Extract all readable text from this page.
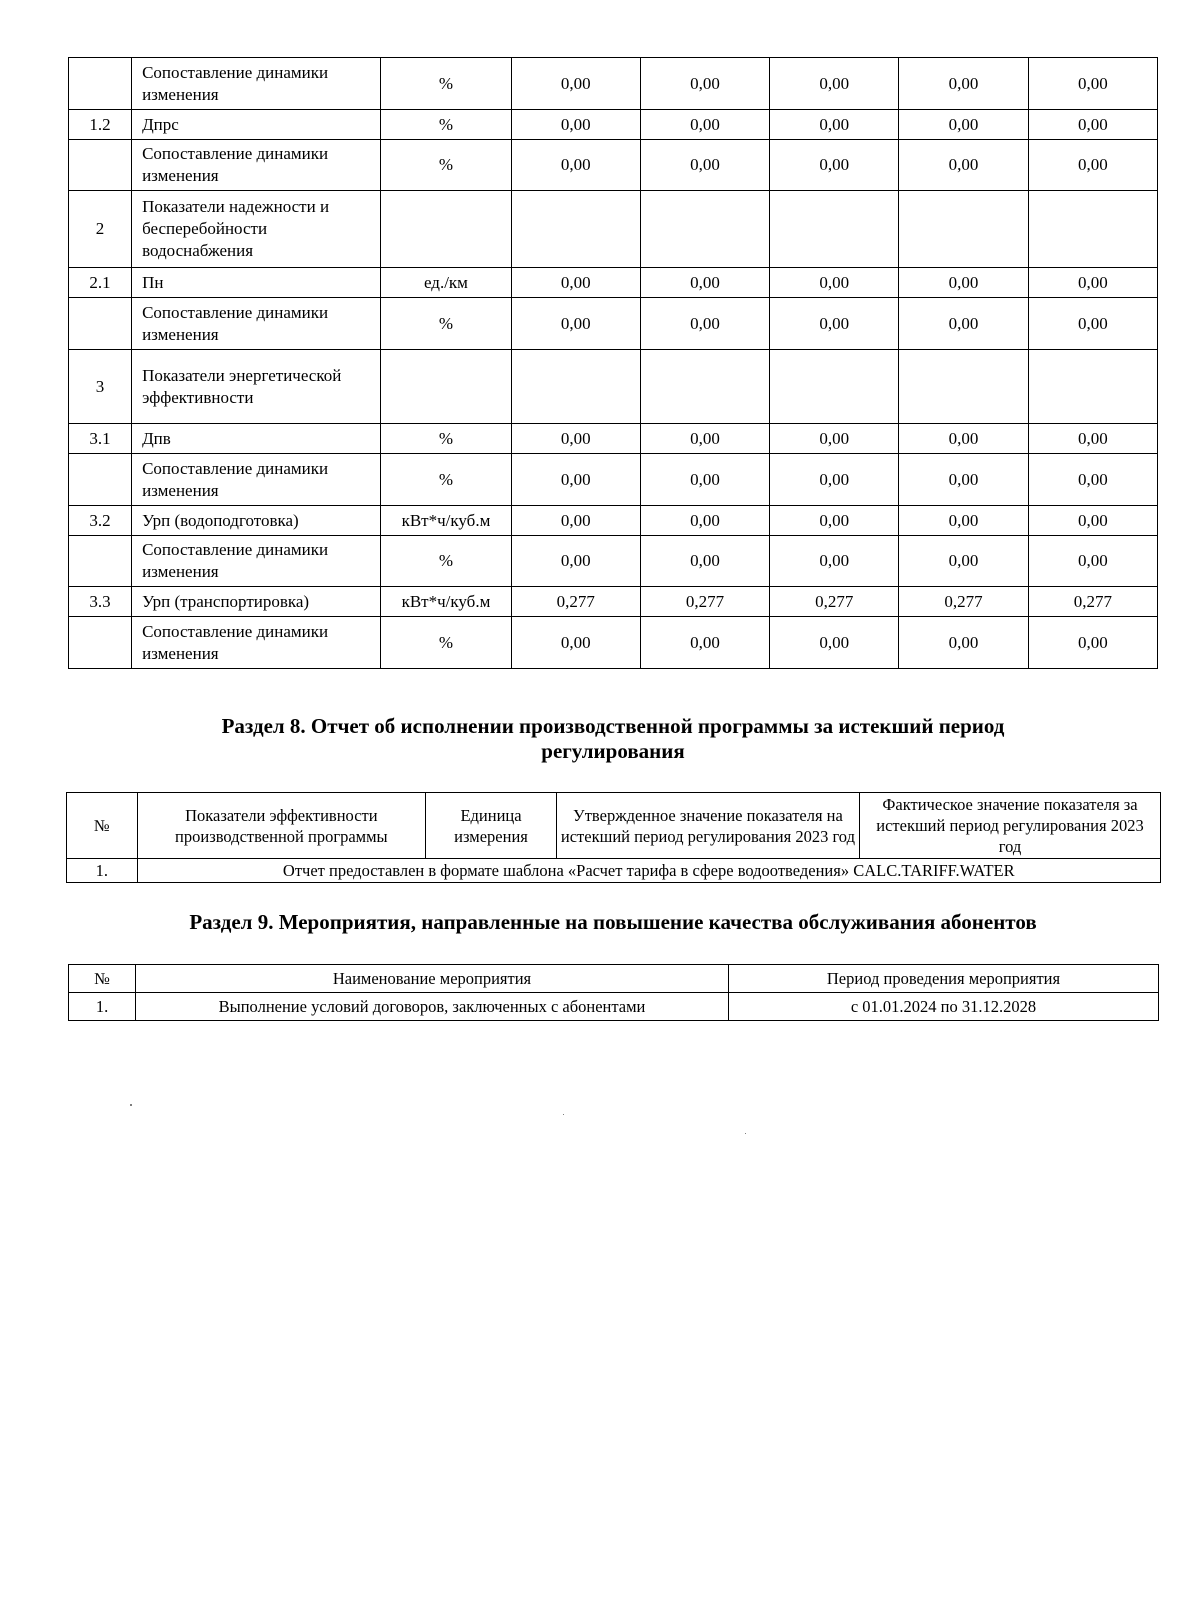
	Сопоставление динамики изменения	%	0,00	0,00	0,00	0,00	0,00
1.2	Дпрс	%	0,00	0,00	0,00	0,00	0,00
	Сопоставление динамики изменения	%	0,00	0,00	0,00	0,00	0,00
2	Показатели надежности и бесперебойности водоснабжения						
2.1	Пн	ед./км	0,00	0,00	0,00	0,00	0,00
	Сопоставление динамики изменения	%	0,00	0,00	0,00	0,00	0,00
3	Показатели энергетической эффективности						
3.1	Дпв	%	0,00	0,00	0,00	0,00	0,00
	Сопоставление динамики изменения	%	0,00	0,00	0,00	0,00	0,00
3.2	Урп (водоподготовка)	кВт*ч/куб.м	0,00	0,00	0,00	0,00	0,00
	Сопоставление динамики изменения	%	0,00	0,00	0,00	0,00	0,00
3.3	Урп (транспортировка)	кВт*ч/куб.м	0,277	0,277	0,277	0,277	0,277
	Сопоставление динамики изменения	%	0,00	0,00	0,00	0,00	0,00
Раздел 8. Отчет об исполнении производственной программы за истекший период
регулирования
№	Показатели эффективности производственной программы	Единица измерения	Утвержденное значение показателя на истекший период регулирования 2023 год	Фактическое значение показателя за истекший период регулирования 2023 год
1.	Отчет предоставлен в формате шаблона «Расчет тарифа в сфере водоотведения» CALC.TARIFF.WATER			
Раздел 9. Мероприятия, направленные на повышение качества обслуживания абонентов
№	Наименование мероприятия	Период проведения мероприятия
1.	Выполнение условий договоров, заключенных с абонентами	с 01.01.2024 по 31.12.2028
